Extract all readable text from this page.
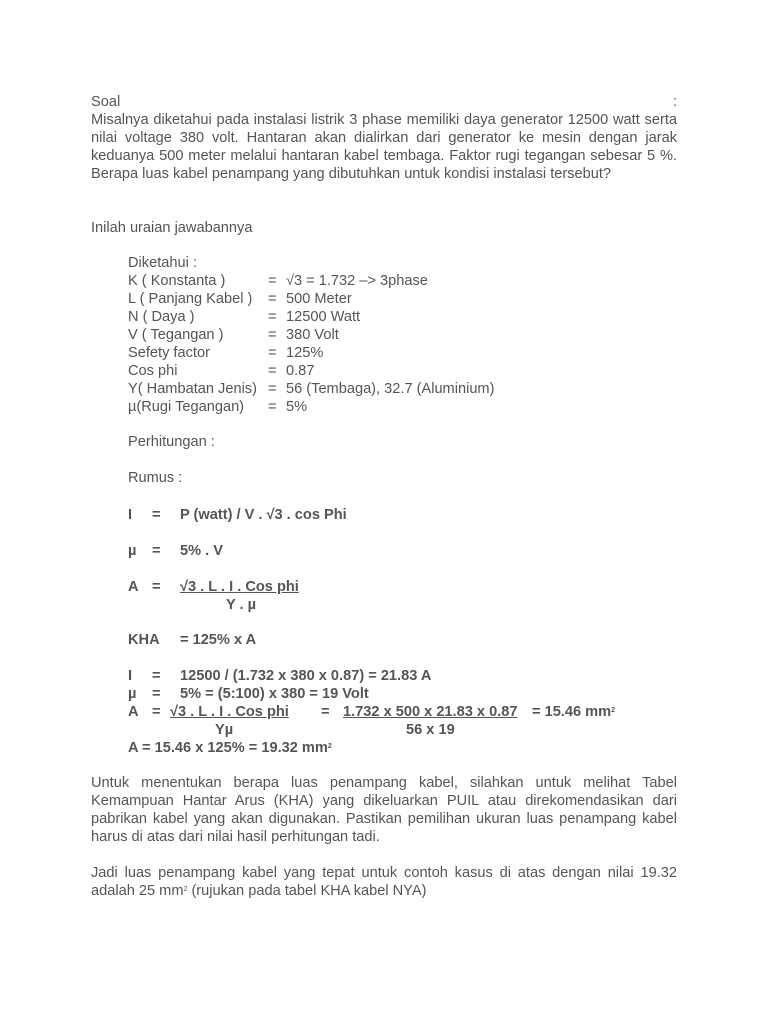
Soal	:

Misalnya diketahui pada instalasi listrik 3 phase memiliki daya generator 12500 watt serta nilai voltage 380 volt. Hantaran akan dialirkan dari generator ke mesin dengan jarak keduanya 500 meter melalui hantaran kabel tembaga. Faktor rugi tegangan sebesar 5 %. Berapa luas kabel penampang yang dibutuhkan untuk kondisi instalasi tersebut?

Inilah uraian jawabannya
Diketahui :
K ( Konstanta )	= √3 = 1.732 –> 3phase
L ( Panjang Kabel ) = 500 Meter
N ( Daya )	= 12500 Watt
V ( Tegangan )	= 380 Volt
Sefety factor	= 125%
Cos phi	= 0.87
Y( Hambatan Jenis) = 56 (Tembaga), 32.7 (Aluminium)
µ(Rugi Tegangan) = 5%
Perhitungan :
Rumus :
I = P (watt) / V . √3 . cos Phi
µ = 5% . V
A = √3 . L . I . Cos phi
Y . µ
KHA = 125% x A
I = 12500 / (1.732 x 380 x 0.87) = 21.83 A
µ = 5% = (5:100) x 380 = 19 Volt
A = √3 . L . I . Cos phi = 1.732 x 500 x 21.83 x 0.87 = 15.46 $mm^2$
Yµ	56 x 19
A = 15.46 x 125% = 19.32 $mm^2$

Untuk menentukan berapa luas penampang kabel, silahkan untuk melihat Tabel Kemampuan Hantar Arus (KHA) yang dikeluarkan PUIL atau direkomendasikan dari pabrikan kabel yang akan digunakan. Pastikan pemilihan ukuran luas penampang kabel harus di atas dari nilai hasil perhitungan tadi.

Jadi luas penampang kabel yang tepat untuk contoh kasus di atas dengan nilai 19.32
adalah 25 $mm^2$ (rujukan pada tabel KHA kabel NYA)
